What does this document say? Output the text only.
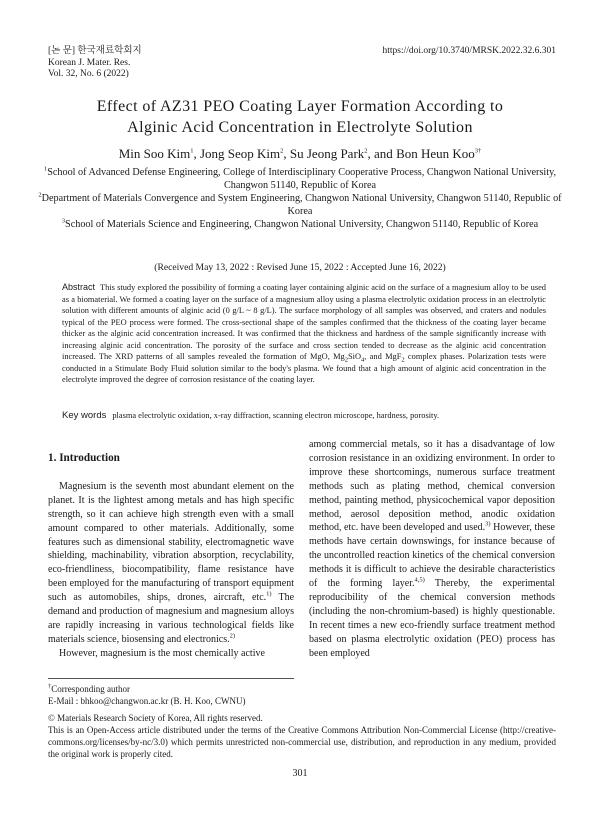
[논 문] 한국재료학회지
Korean J. Mater. Res.
Vol. 32, No. 6 (2022)
https://doi.org/10.3740/MRSK.2022.32.6.301
Effect of AZ31 PEO Coating Layer Formation According to
Alginic Acid Concentration in Electrolyte Solution
Min Soo Kim$^1$, Jong Seop Kim$^2$, Su Jeong Park$^2$, and Bon Heun Koo$^{3\dagger}$

$^1$School of Advanced Defense Engineering, College of Interdisciplinary Cooperative Process, Changwon National University, Changwon 51140, Republic of Korea

$^2$Department of Materials Convergence and System Engineering, Changwon National University, Changwon 51140, Republic of Korea

$^3$School of Materials Science and Engineering, Changwon National University, Changwon 51140, Republic of Korea

(Received May 13, 2022 : Revised June 15, 2022 : Accepted June 16, 2022)
Abstract This study explored the possibility of forming a coating layer containing alginic acid on the surface of a magnesium alloy to be used as a biomaterial. We formed a coating layer on the surface of a magnesium alloy using a plasma electrolytic oxidation process in an electrolytic solution with different amounts of alginic acid (0 g/L ~ 8 g/L). The surface morphology of all samples was observed, and craters and nodules typical of the PEO process were formed. The cross-sectional shape of the samples confirmed that the thickness of the coating layer became thicker as the alginic acid concentration increased. It was confirmed that the thickness and hardness of the sample significantly increase with increasing alginic acid concentration. The porosity of the surface and cross section tended to decrease as the alginic acid concentration increased. The XRD patterns of all samples revealed the formation of MgO, $Mg_2SiO_4$, and MgF$_2$ complex phases. Polarization tests were conducted in a Stimulate Body Fluid solution similar to the body's plasma. We found that a high amount of alginic acid concentration in the electrolyte improved the degree of corrosion resistance of the coating layer.
Key words plasma electrolytic oxidation, x-ray diffraction, scanning electron microscope, hardness, porosity.

1. Introduction

Magnesium is the seventh most abundant element on the planet. It is the lightest among metals and has high specific strength, so it can achieve high strength even with a small amount compared to other materials. Additionally, some features such as dimensional stability, electromagnetic wave shielding, machinability, vibration absorption, recyclability, eco-friendliness, biocompatibility, flame resistance have been employed for the manufacturing of transport equipment such as automobiles, ships, drones, aircraft, etc.$^{1)}$ The demand and production of magnesium and magnesium alloys are rapidly increasing in various technological fields like materials science, biosensing and electronics.$^{2)}$

However, magnesium is the most chemically active

among commercial metals, so it has a disadvantage of low corrosion resistance in an oxidizing environment. In order to improve these shortcomings, numerous surface treatment methods such as plating method, chemical conversion method, painting method, physicochemical vapor deposition method, aerosol deposition method, anodic oxidation method, etc. have been developed and used.$^{3)}$ However, these methods have certain downswings, for instance because of the uncontrolled reaction kinetics of the chemical conversion methods it is difficult to achieve the desirable characteristics of the forming layer.$^{4,5)}$ Thereby, the experimental reproducibility of the chemical conversion methods (including the non-chromium-based) is highly questionable. In recent times a new eco-friendly surface treatment method based on plasma electrolytic oxidation (PEO) process has been employed

†Corresponding author

E-Mail : bhkoo@changwon.ac.kr (B. H. Koo, CWNU)

© Materials Research Society of Korea, All rights reserved.

This is an Open-Access article distributed under the terms of the Creative Commons Attribution Non-Commercial License (http://creative-commons.org/licenses/by-nc/3.0) which permits unrestricted non-commercial use, distribution, and reproduction in any medium, provided the original work is properly cited.

301
